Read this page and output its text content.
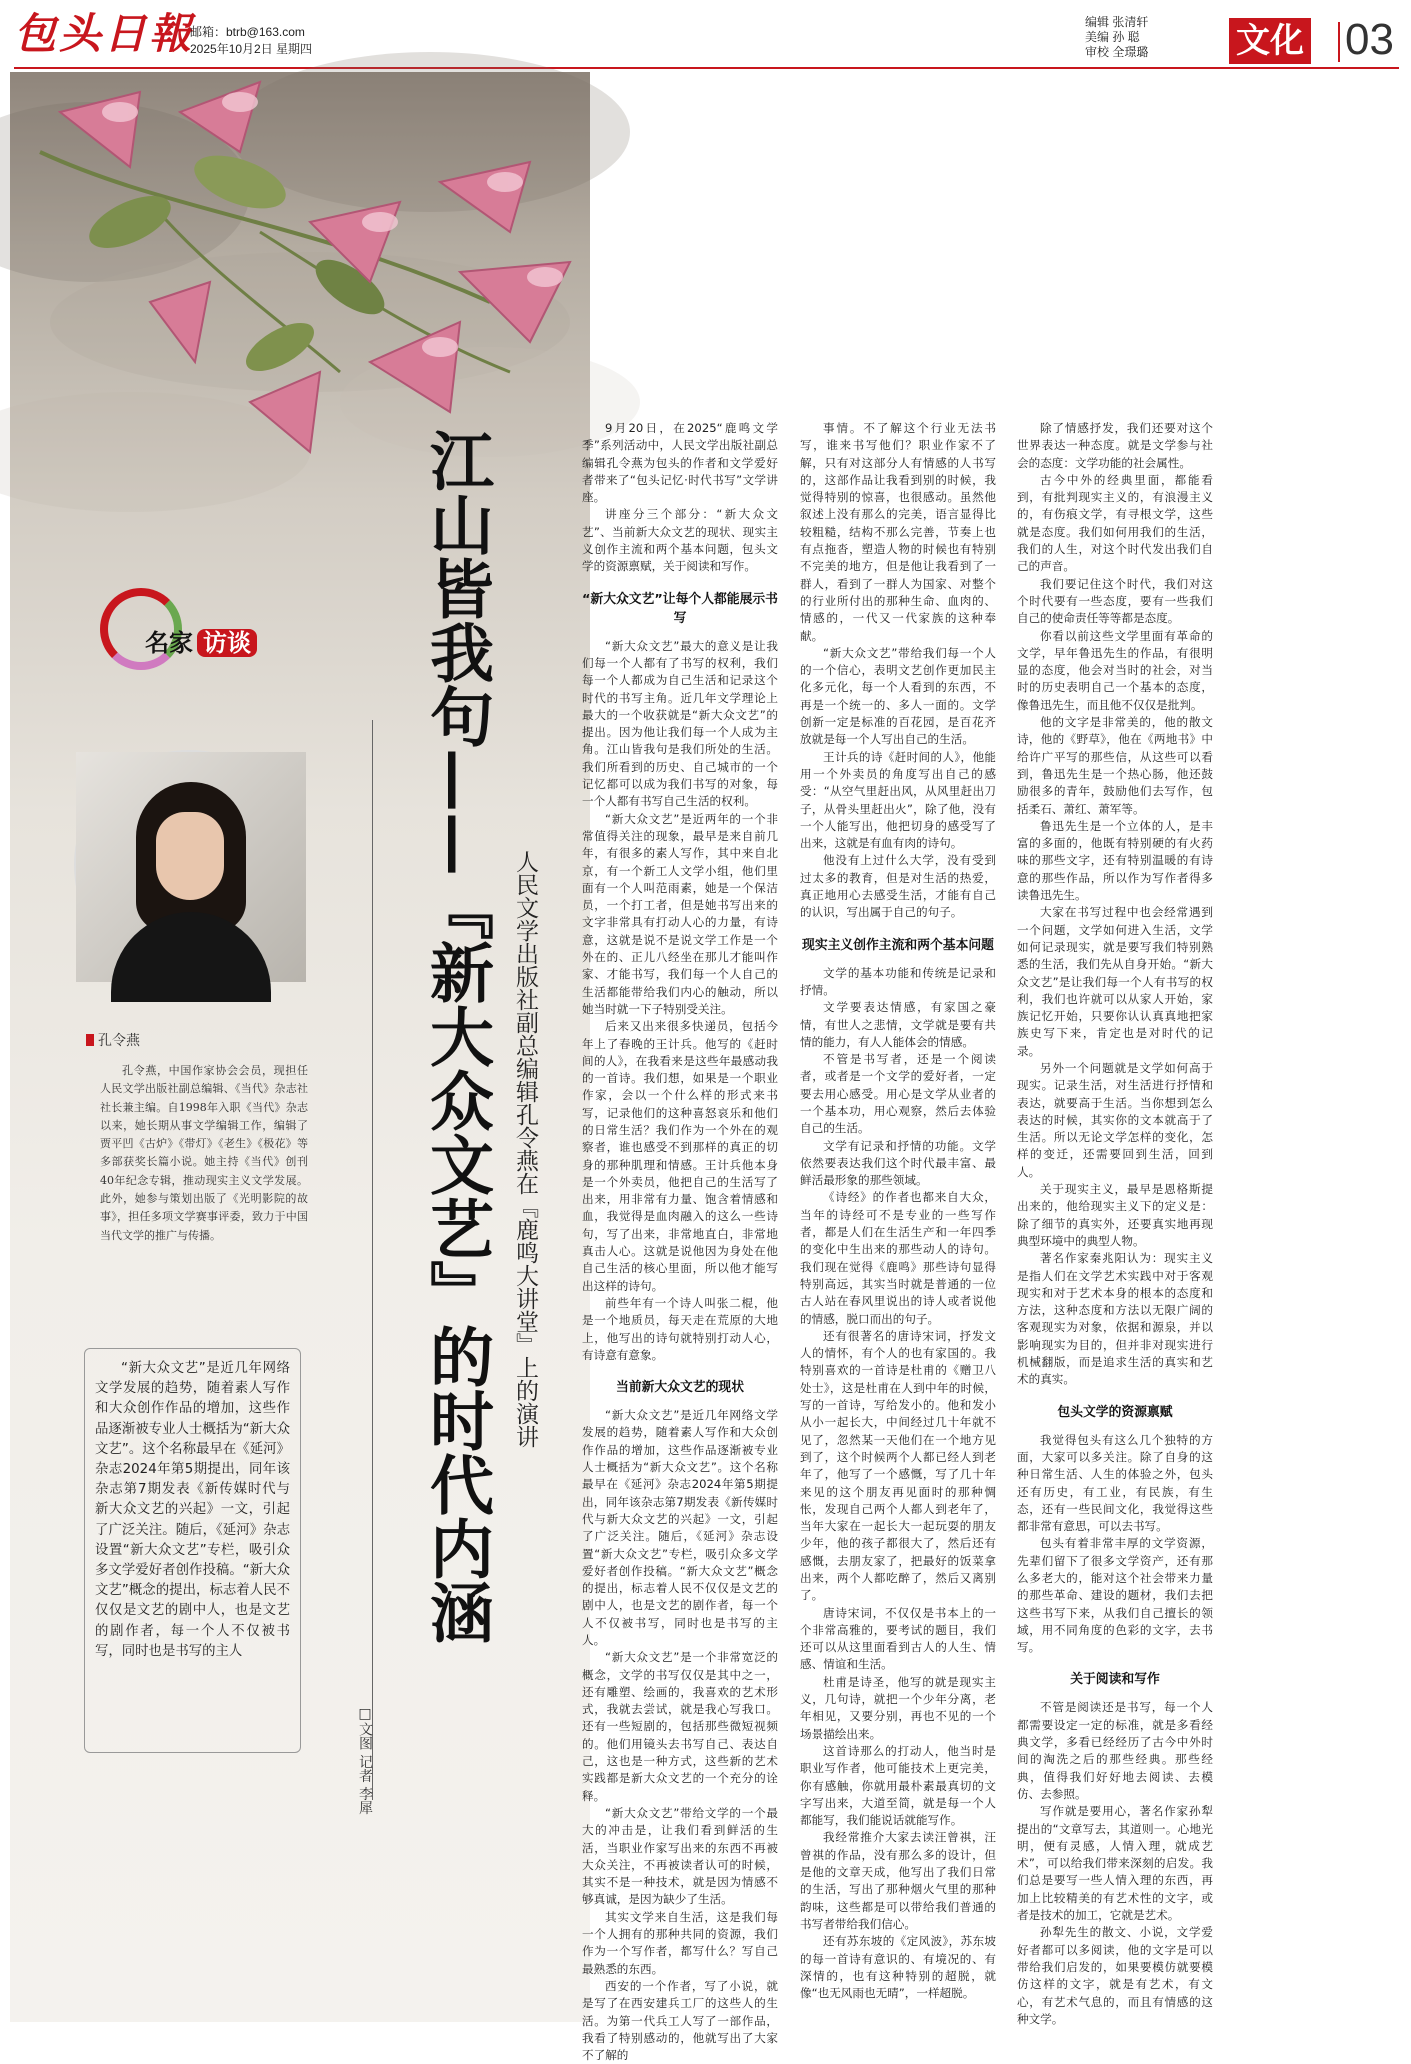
包头日報
邮箱：btrb@163.com
2025年10月2日 星期四
编辑 张清轩
美编 孙 聪
审校 全璟璐	文化 03
名家 访谈
孔令燕
孔令燕，中国作家协会会员，现担任人民文学出版社副总编辑、《当代》杂志社社长兼主编。自1998年入职《当代》杂志以来，她长期从事文学编辑工作，编辑了贾平凹《古炉》《带灯》《老生》《极花》等多部获奖长篇小说。她主持《当代》创刊40年纪念专辑，推动现实主义文学发展。此外，她参与策划出版了《光明影院的故事》，担任多项文学赛事评委，致力于中国当代文学的推广与传播。

“新大众文艺”是近几年网络文学发展的趋势，随着素人写作和大众创作作品的增加，这些作品逐渐被专业人士概括为“新大众文艺”。这个名称最早在《延河》杂志2024年第5期提出，同年该杂志第7期发表《新传媒时代与新大众文艺的兴起》一文，引起了广泛关注。随后，《延河》杂志设置“新大众文艺”专栏，吸引众多文学爱好者创作投稿。“新大众文艺”概念的提出，标志着人民不仅仅是文艺的剧中人，也是文艺的剧作者，每一个人不仅被书写，同时也是书写的主人

江山皆我句——『新大众文艺』的时代内涵 人民文学出版社副总编辑孔令燕在『鹿鸣大讲堂』上的演讲
□文图 记者 李犀

9月20日，在2025“鹿鸣文学季”系列活动中，人民文学出版社副总编辑孔令燕为包头的作者和文学爱好者带来了“包头记忆·时代书写”文学讲座。

讲座分三个部分：“新大众文艺”、当前新大众文艺的现状、现实主义创作主流和两个基本问题，包头文学的资源禀赋，关于阅读和写作。

“新大众文艺”让每个人都能展示书写

“新大众文艺”最大的意义是让我们每一个人都有了书写的权利，我们每一个人都成为自己生活和记录这个时代的书写主角。近几年文学理论上最大的一个收获就是“新大众文艺”的提出。因为他让我们每一个人成为主角。江山皆我句是我们所处的生活。我们所看到的历史、自己城市的一个记忆都可以成为我们书写的对象，每一个人都有书写自己生活的权利。

“新大众文艺”是近两年的一个非常值得关注的现象，最早是来自前几年，有很多的素人写作，其中来自北京，有一个新工人文学小组，他们里面有一个人叫范雨素，她是一个保洁员，一个打工者，但是她书写出来的文字非常具有打动人心的力量，有诗意，这就是说不是说文学工作是一个外在的、正儿八经坐在那儿才能叫作家、才能书写，我们每一个人自己的生活都能带给我们内心的触动，所以她当时就一下子特别受关注。

后来又出来很多快递员，包括今年上了春晚的王计兵。他写的《赶时间的人》，在我看来是这些年最感动我的一首诗。我们想，如果是一个职业作家，会以一个什么样的形式来书写，记录他们的这种喜怒哀乐和他们的日常生活？我们作为一个外在的观察者，谁也感受不到那样的真正的切身的那种肌理和情感。王计兵他本身是一个外卖员，他把自己的生活写了出来，用非常有力量、饱含着情感和血，我觉得是血肉融入的这么一些诗句，写了出来，非常地直白，非常地真击人心。这就是说他因为身处在他自己生活的核心里面，所以他才能写出这样的诗句。

前些年有一个诗人叫张二棍，他是一个地质员，每天走在荒原的大地上，他写出的诗句就特别打动人心，有诗意有意象。

当前新大众文艺的现状

“新大众文艺”是近几年网络文学发展的趋势，随着素人写作和大众创作作品的增加，这些作品逐渐被专业人士概括为“新大众文艺”。这个名称最早在《延河》杂志2024年第5期提出，同年该杂志第7期发表《新传媒时代与新大众文艺的兴起》一文，引起了广泛关注。随后，《延河》杂志设置“新大众文艺”专栏，吸引众多文学爱好者创作投稿。“新大众文艺”概念的提出，标志着人民不仅仅是文艺的剧中人，也是文艺的剧作者，每一个人不仅被书写，同时也是书写的主人。

“新大众文艺”是一个非常宽泛的概念，文学的书写仅仅是其中之一，还有雕塑、绘画的，我喜欢的艺术形式，我就去尝试，就是我心写我口。还有一些短剧的，包括那些微短视频的。他们用镜头去书写自己、表达自己，这也是一种方式，这些新的艺术实践都是新大众文艺的一个充分的诠释。

“新大众文艺”带给文学的一个最大的冲击是，让我们看到鲜活的生活，当职业作家写出来的东西不再被大众关注，不再被读者认可的时候，其实不是一种技术，就是因为情感不够真诚，是因为缺少了生活。

其实文学来自生活，这是我们每一个人拥有的那种共同的资源，我们作为一个写作者，都写什么？写自己最熟悉的东西。

西安的一个作者，写了小说，就是写了在西安建兵工厂的这些人的生活。为第一代兵工人写了一部作品，我看了特别感动的，他就写出了大家不了解的

事情。不了解这个行业无法书写，谁来书写他们？职业作家不了解，只有对这部分人有情感的人书写的，这部作品让我看到别的时候，我觉得特别的惊喜，也很感动。虽然他叙述上没有那么的完美，语言显得比较粗糙，结构不那么完善，节奏上也有点拖沓，塑造人物的时候也有特别不完美的地方，但是他让我看到了一群人，看到了一群人为国家、对整个的行业所付出的那种生命、血肉的、情感的，一代又一代家族的这种奉献。

“新大众文艺”带给我们每一个人的一个信心，表明文艺创作更加民主化多元化，每一个人看到的东西，不再是一个统一的、多人一面的。文学创新一定是标准的百花园，是百花齐放就是每一个人写出自己的生活。

王计兵的诗《赶时间的人》，他能用一个外卖员的角度写出自己的感受：“从空气里赶出风，从风里赶出刀子，从骨头里赶出火”，除了他，没有一个人能写出，他把切身的感受写了出来，这就是有血有肉的诗句。

他没有上过什么大学，没有受到过太多的教育，但是对生活的热爱，真正地用心去感受生活，才能有自己的认识，写出属于自己的句子。

现实主义创作主流和两个基本问题

文学的基本功能和传统是记录和抒情。

文学要表达情感，有家国之豪情，有世人之悲情，文学就是要有共情的能力，有人人能体会的情感。

不管是书写者，还是一个阅读者，或者是一个文学的爱好者，一定要去用心感受。用心是文学从业者的一个基本功，用心观察，然后去体验自己的生活。

文学有记录和抒情的功能。文学依然要表达我们这个时代最丰富、最鲜活最形象的那些领域。

《诗经》的作者也都来自大众，当年的诗经可不是专业的一些写作者，都是人们在生活生产和一年四季的变化中生出来的那些动人的诗句。我们现在觉得《鹿鸣》那些诗句显得特别高远，其实当时就是普通的一位古人站在春风里说出的诗人或者说他的情感，脱口而出的句子。

还有很著名的唐诗宋词，抒发文人的情怀，有个人的也有家国的。我特别喜欢的一首诗是杜甫的《赠卫八处士》，这是杜甫在人到中年的时候，写的一首诗，写给发小的。他和发小从小一起长大，中间经过几十年就不见了，忽然某一天他们在一个地方见到了，这个时候两个人都已经人到老年了，他写了一个感慨，写了几十年来见的这个朋友再见面时的那种惆怅，发现自己两个人都人到老年了，当年大家在一起长大一起玩耍的朋友少年，他的孩子都很大了，然后还有感慨，去朋友家了，把最好的饭菜拿出来，两个人都吃醉了，然后又离别了。

唐诗宋词，不仅仅是书本上的一个非常高雅的，要考试的题目，我们还可以从这里面看到古人的人生、情感、情谊和生活。

杜甫是诗圣，他写的就是现实主义，几句诗，就把一个少年分离，老年相见，又要分别，再也不见的一个场景描绘出来。

这首诗那么的打动人，他当时是职业写作者，他可能技术上更完美，你有感触，你就用最朴素最真切的文字写出来，大道至简，就是每一个人都能写，我们能说话就能写作。

我经常推介大家去读汪曾祺，汪曾祺的作品，没有那么多的设计，但是他的文章天成，他写出了我们日常的生活，写出了那种烟火气里的那种韵味，这些都是可以带给我们普通的书写者带给我们信心。

还有苏东坡的《定风波》，苏东坡的每一首诗有意识的、有境况的、有深情的，也有这种特别的超脱，就像“也无风雨也无晴”，一样超脱。

除了情感抒发，我们还要对这个世界表达一种态度。就是文学参与社会的态度：文学功能的社会属性。

古今中外的经典里面，都能看到，有批判现实主义的，有浪漫主义的，有伤痕文学，有寻根文学，这些就是态度。我们如何用我们的生活，我们的人生，对这个时代发出我们自己的声音。

我们要记住这个时代，我们对这个时代要有一些态度，要有一些我们自己的使命责任等等都是态度。

你看以前这些文学里面有革命的文学，早年鲁迅先生的作品，有很明显的态度，他会对当时的社会，对当时的历史表明自己一个基本的态度，像鲁迅先生，而且他不仅仅是批判。

他的文字是非常美的，他的散文诗，他的《野草》，他在《两地书》中给许广平写的那些信，从这些可以看到，鲁迅先生是一个热心肠，他还鼓励很多的青年，鼓励他们去写作，包括柔石、萧红、萧军等。

鲁迅先生是一个立体的人，是丰富的多面的，他既有特别硬的有火药味的那些文字，还有特别温暖的有诗意的那些作品，所以作为写作者得多读鲁迅先生。

大家在书写过程中也会经常遇到一个问题，文学如何进入生活，文学如何记录现实，就是要写我们特别熟悉的生活，我们先从自身开始。“新大众文艺”是让我们每一个人有书写的权利，我们也许就可以从家人开始，家族记忆开始，只要你认认真真地把家族史写下来，肯定也是对时代的记录。

另外一个问题就是文学如何高于现实。记录生活，对生活进行抒情和表达，就要高于生活。当你想到怎么表达的时候，其实你的文本就高于了生活。所以无论文学怎样的变化，怎样的变迁，还需要回到生活，回到人。

关于现实主义，最早是恩格斯提出来的，他给现实主义下的定义是：除了细节的真实外，还要真实地再现典型环境中的典型人物。

著名作家秦兆阳认为：现实主义是指人们在文学艺术实践中对于客观现实和对于艺术本身的根本的态度和方法，这种态度和方法以无限广阔的客观现实为对象，依据和源泉，并以影响现实为目的，但并非对现实进行机械翻版，而是追求生活的真实和艺术的真实。

包头文学的资源禀赋

我觉得包头有这么几个独特的方面，大家可以多关注。除了自身的这种日常生活、人生的体验之外，包头还有历史，有工业，有民族，有生态，还有一些民间文化，我觉得这些都非常有意思，可以去书写。

包头有着非常丰厚的文学资源，先辈们留下了很多文学资产，还有那么多老大的，能对这个社会带来力量的那些革命、建设的题材，我们去把这些书写下来，从我们自己擅长的领域，用不同角度的色彩的文字，去书写。

关于阅读和写作

不管是阅读还是书写，每一个人都需要设定一定的标准，就是多看经典文学，多看已经经历了古今中外时间的淘洗之后的那些经典。那些经典，值得我们好好地去阅读、去模仿、去参照。

写作就是要用心，著名作家孙犁提出的“文章写去，其道则一。心地光明，便有灵感，人情入理，就成艺术”，可以给我们带来深刻的启发。我们总是要写一些人情入理的东西，再加上比较精美的有艺术性的文字，或者是技术的加工，它就是艺术。

孙犁先生的散文、小说，文学爱好者都可以多阅读，他的文字是可以带给我们启发的，如果要模仿就要模仿这样的文字，就是有艺术，有文心，有艺术气息的，而且有情感的这种文学。
